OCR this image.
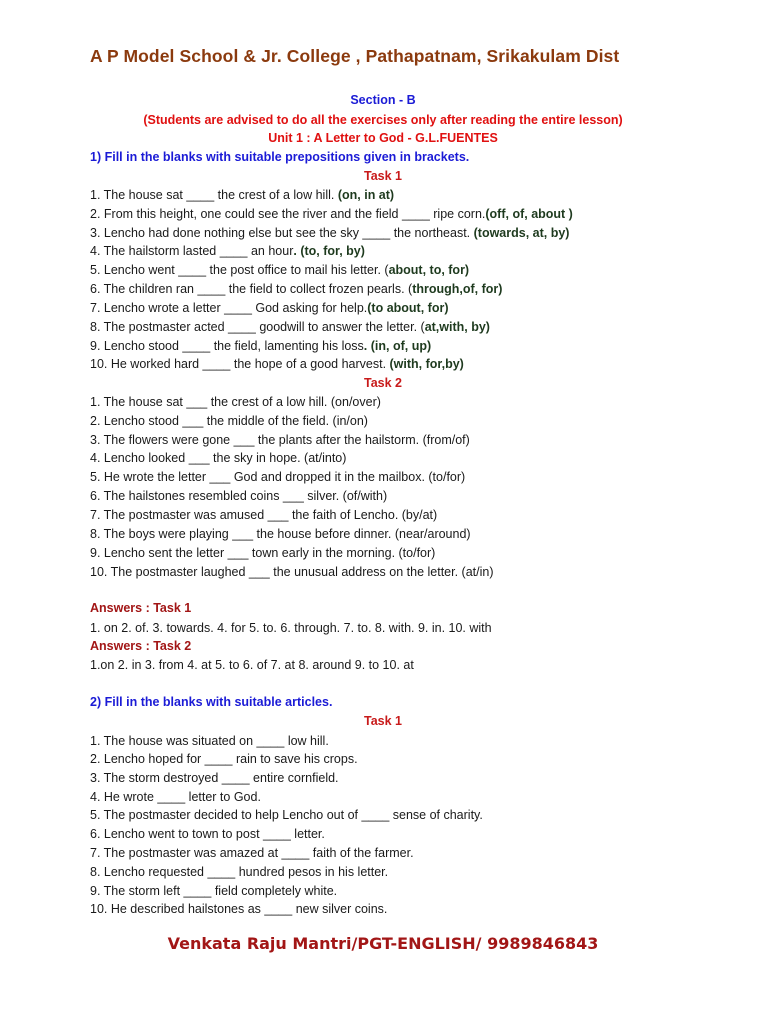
A P Model School & Jr. College , Pathapatnam, Srikakulam Dist
Section - B
(Students are advised to do all the exercises only after reading the entire lesson)
Unit 1 : A Letter to God - G.L.FUENTES
1) Fill in the blanks with suitable prepositions given in brackets.
Task 1
1. The house sat ____ the crest of a low hill. (on, in at)
2. From this height, one could see the river and the field ____ ripe corn.(off, of, about )
3. Lencho had done nothing else but see the sky ____ the northeast. (towards, at, by)
4. The hailstorm lasted ____ an hour. (to, for, by)
5. Lencho went ____ the post office to mail his letter. (about, to, for)
6. The children ran ____ the field to collect frozen pearls. (through,of, for)
7. Lencho wrote a letter ____ God asking for help.(to about, for)
8. The postmaster acted ____ goodwill to answer the letter. (at,with, by)
9. Lencho stood ____ the field, lamenting his loss. (in, of, up)
10. He worked hard ____ the hope of a good harvest. (with, for,by)
Task 2
1. The house sat ___ the crest of a low hill. (on/over)
2. Lencho stood ___ the middle of the field. (in/on)
3. The flowers were gone ___ the plants after the hailstorm. (from/of)
4. Lencho looked ___ the sky in hope. (at/into)
5. He wrote the letter ___ God and dropped it in the mailbox. (to/for)
6. The hailstones resembled coins ___ silver. (of/with)
7. The postmaster was amused ___ the faith of Lencho. (by/at)
8. The boys were playing ___ the house before dinner. (near/around)
9. Lencho sent the letter ___ town early in the morning. (to/for)
10. The postmaster laughed ___ the unusual address on the letter. (at/in)
Answers : Task 1
1. on 2. of. 3. towards. 4. for 5. to. 6. through. 7. to. 8. with. 9. in. 10. with
Answers : Task 2
1.on 2. in 3. from 4. at 5. to 6. of 7. at 8. around 9. to 10. at
2) Fill in the blanks with suitable articles.
Task 1
1. The house was situated on ____ low hill.
2. Lencho hoped for ____ rain to save his crops.
3. The storm destroyed ____ entire cornfield.
4. He wrote ____ letter to God.
5. The postmaster decided to help Lencho out of ____ sense of charity.
6. Lencho went to town to post ____ letter.
7. The postmaster was amazed at ____ faith of the farmer.
8. Lencho requested ____ hundred pesos in his letter.
9. The storm left ____ field completely white.
10. He described hailstones as ____ new silver coins.
Venkata Raju Mantri/PGT-ENGLISH/ 9989846843
